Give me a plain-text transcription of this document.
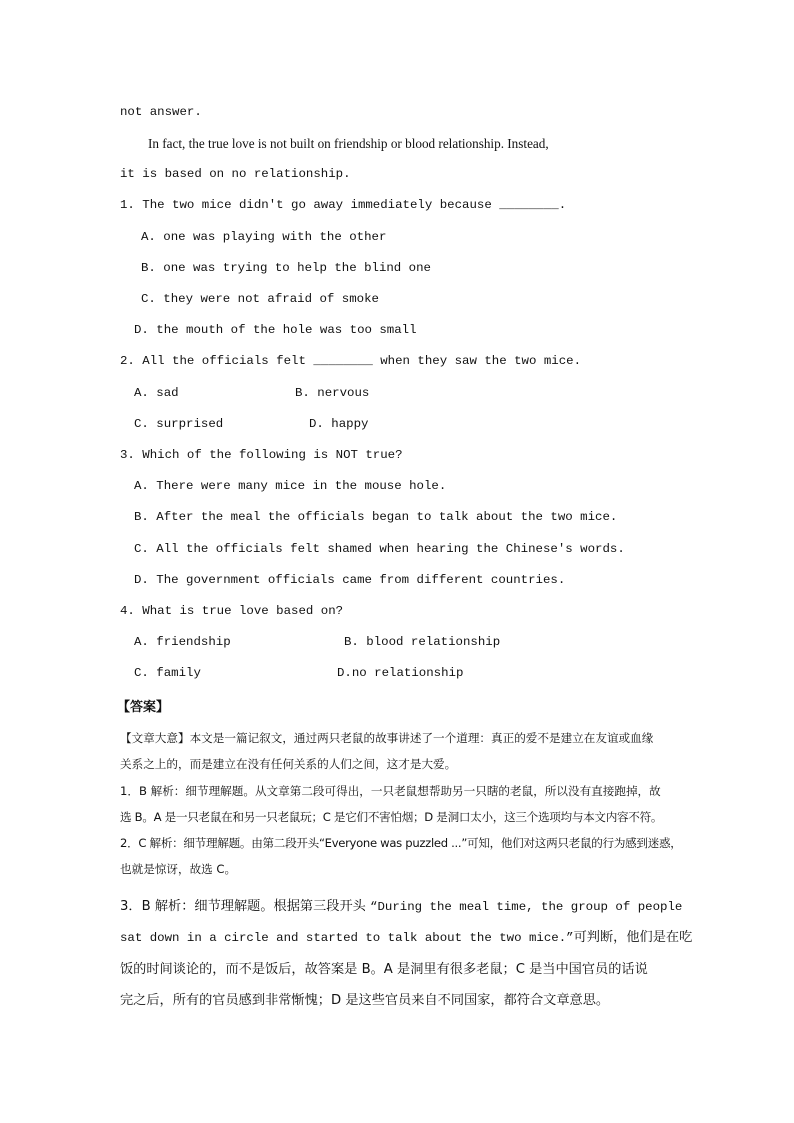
not answer.
In fact, the true love is not built on friendship or blood relationship. Instead,
it is based on no relationship.
1. The two mice didn't go away immediately because ________.
A. one was playing with the other
B. one was trying to help the blind one
C. they were not afraid of smoke
D. the mouth of the hole was too small
2. All the officials felt ________ when they saw the two mice.
A. sad	B. nervous
C. surprised	D. happy
3. Which of the following is NOT true?
A. There were many mice in the mouse hole.
B. After the meal the officials began to talk about the two mice.
C. All the officials felt shamed when hearing the Chinese's words.
D. The government officials came from different countries.
4. What is true love based on?
A. friendship	B. blood relationship
C. family	D.no relationship
【答案】
【文章大意】本文是一篇记叙文，通过两只老鼠的故事讲述了一个道理：真正的爱不是建立在友谊或血缘
关系之上的，而是建立在没有任何关系的人们之间，这才是大爱。
1．B 解析：细节理解题。从文章第二段可得出，一只老鼠想帮助另一只瞎的老鼠，所以没有直接跑掉，故
选 B。A 是一只老鼠在和另一只老鼠玩；C 是它们不害怕烟；D 是洞口太小，这三个选项均与本文内容不符。
2．C 解析：细节理解题。由第二段开头“Everyone was puzzled ...”可知，他们对这两只老鼠的行为感到迷惑，
也就是惊讶，故选 C。
3．B 解析：细节理解题。根据第三段开头 “During the meal time, the group of people
sat down in a circle and started to talk about the two mice.”可判断，他们是在吃
饭的时间谈论的，而不是饭后，故答案是 B。A 是洞里有很多老鼠；C 是当中国官员的话说
完之后，所有的官员感到非常惭愧；D 是这些官员来自不同国家，都符合文章意思。
